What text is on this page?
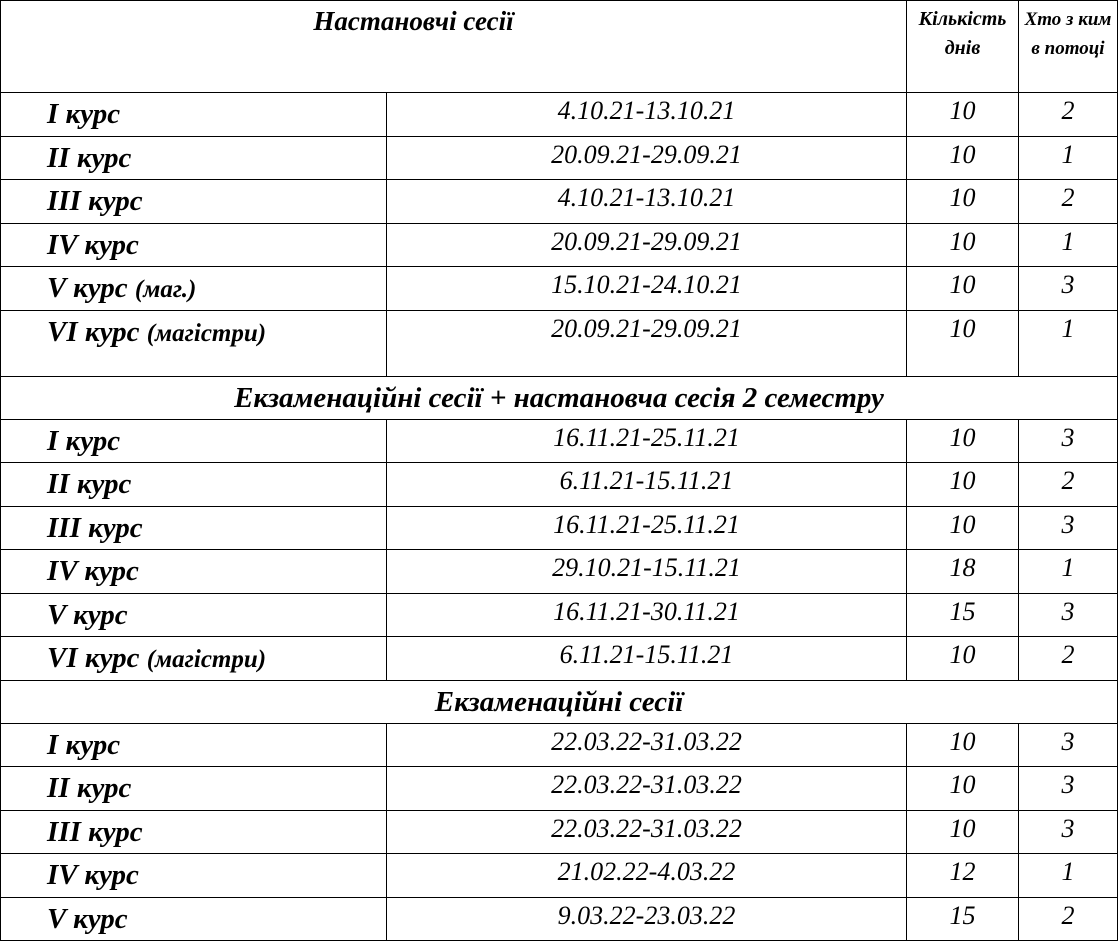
Настановчі сесії		Кількість днів	Хто з ким в потоці

I курс	4.10.21-13.10.21	10	2

II курс	20.09.21-29.09.21	10	1

III курс	4.10.21-13.10.21	10	2

IV курс	20.09.21-29.09.21	10	1

V курс (маг.)	15.10.21-24.10.21	10	3

VI курс (магістри)	20.09.21-29.09.21	10	1

Екзаменаційні сесії + настановча сесія 2 семестру			

I курс	16.11.21-25.11.21	10	3

II курс	6.11.21-15.11.21	10	2

III курс	16.11.21-25.11.21	10	3

IV курс	29.10.21-15.11.21	18	1

V курс	16.11.21-30.11.21	15	3

VI курс (магістри)	6.11.21-15.11.21	10	2

Екзаменаційні сесії			

I курс	22.03.22-31.03.22	10	3

II курс	22.03.22-31.03.22	10	3

III курс	22.03.22-31.03.22	10	3

IV курс	21.02.22-4.03.22	12	1

V курс	9.03.22-23.03.22	15	2
